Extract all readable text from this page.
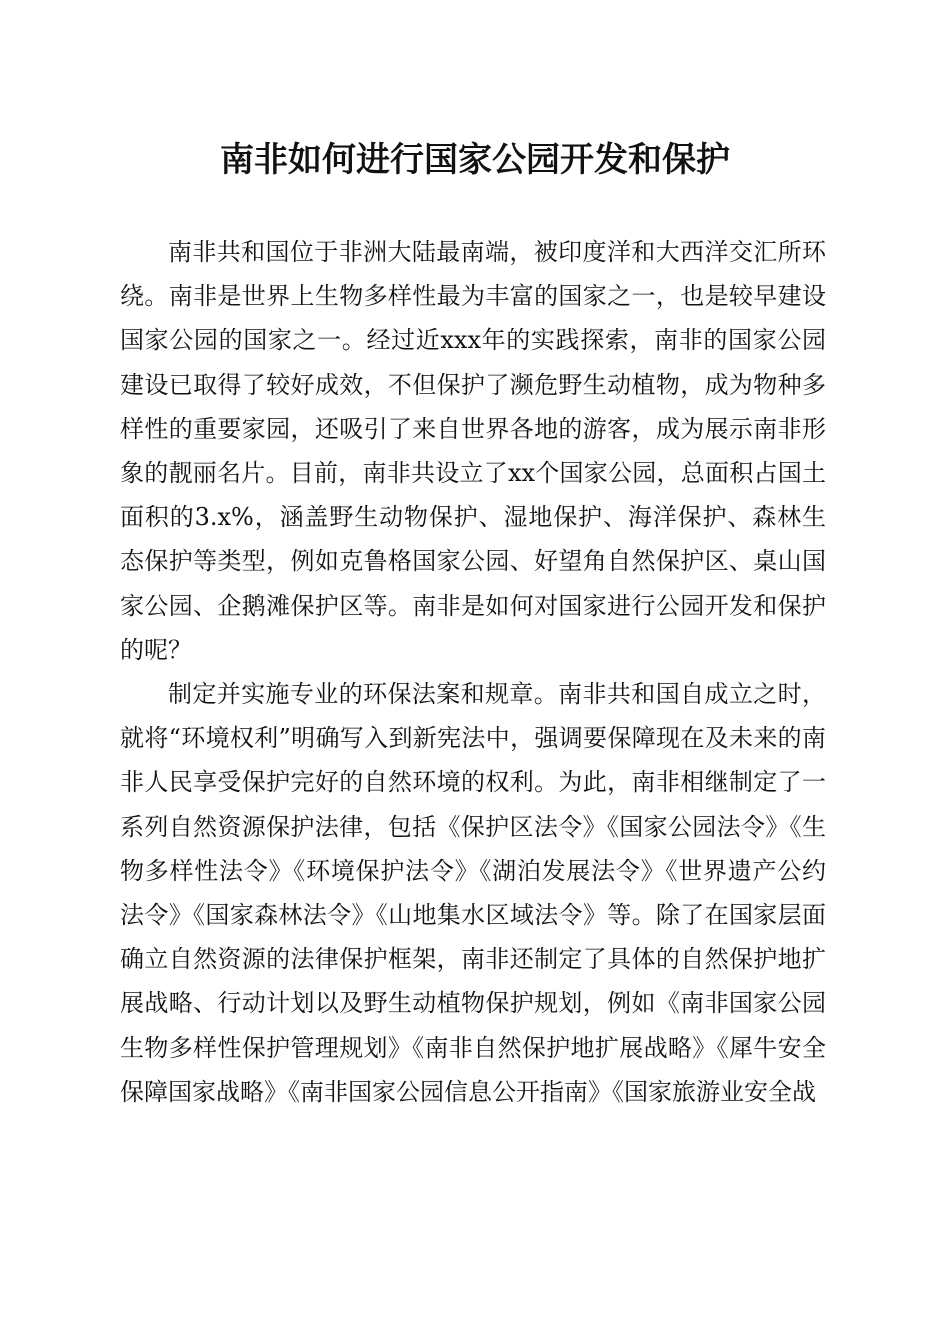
南非如何进行国家公园开发和保护

南非共和国位于非洲大陆最南端，被印度洋和大西洋交汇所环绕。南非是世界上生物多样性最为丰富的国家之一，也是较早建设国家公园的国家之一。经过近xxx年的实践探索，南非的国家公园建设已取得了较好成效，不但保护了濒危野生动植物，成为物种多样性的重要家园，还吸引了来自世界各地的游客，成为展示南非形象的靓丽名片。目前，南非共设立了xx个国家公园，总面积占国土面积的3.x%，涵盖野生动物保护、湿地保护、海洋保护、森林生态保护等类型，例如克鲁格国家公园、好望角自然保护区、桌山国家公园、企鹅滩保护区等。南非是如何对国家进行公园开发和保护的呢？

制定并实施专业的环保法案和规章。南非共和国自成立之时，就将“环境权利”明确写入到新宪法中，强调要保障现在及未来的南非人民享受保护完好的自然环境的权利。为此，南非相继制定了一系列自然资源保护法律，包括《保护区法令》《国家公园法令》《生物多样性法令》《环境保护法令》《湖泊发展法令》《世界遗产公约法令》《国家森林法令》《山地集水区域法令》等。除了在国家层面确立自然资源的法律保护框架，南非还制定了具体的自然保护地扩展战略、行动计划以及野生动植物保护规划，例如《南非国家公园生物多样性保护管理规划》《南非自然保护地扩展战略》《犀牛安全保障国家战略》《南非国家公园信息公开指南》《国家旅游业安全战
